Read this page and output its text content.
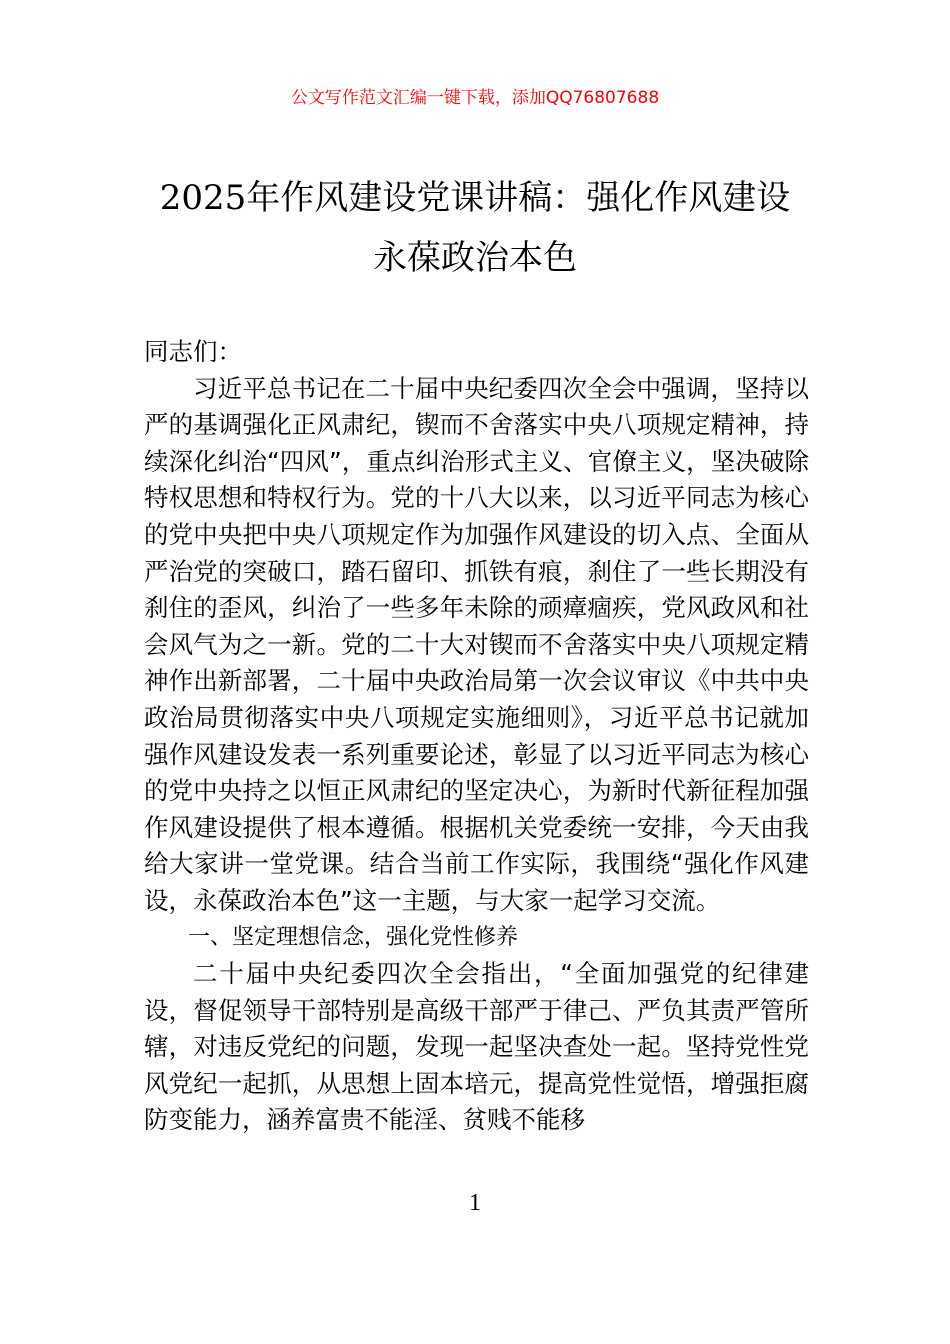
公文写作范文汇编一键下载，添加QQ76807688
2025年作风建设党课讲稿：强化作风建设
永葆政治本色

同志们：

习近平总书记在二十届中央纪委四次全会中强调，坚持以严的基调强化正风肃纪，锲而不舍落实中央八项规定精神，持续深化纠治“四风”，重点纠治形式主义、官僚主义，坚决破除特权思想和特权行为。党的十八大以来，以习近平同志为核心的党中央把中央八项规定作为加强作风建设的切入点、全面从严治党的突破口，踏石留印、抓铁有痕，刹住了一些长期没有刹住的歪风，纠治了一些多年未除的顽瘴痼疾，党风政风和社会风气为之一新。党的二十大对锲而不舍落实中央八项规定精神作出新部署，二十届中央政治局第一次会议审议《中共中央政治局贯彻落实中央八项规定实施细则》，习近平总书记就加强作风建设发表一系列重要论述，彰显了以习近平同志为核心的党中央持之以恒正风肃纪的坚定决心，为新时代新征程加强作风建设提供了根本遵循。根据机关党委统一安排，今天由我给大家讲一堂党课。结合当前工作实际，我围绕“强化作风建设，永葆政治本色”这一主题，与大家一起学习交流。

一、坚定理想信念，强化党性修养

二十届中央纪委四次全会指出，“全面加强党的纪律建设，督促领导干部特别是高级干部严于律己、严负其责严管所辖，对违反党纪的问题，发现一起坚决查处一起。坚持党性党风党纪一起抓，从思想上固本培元，提高党性觉悟，增强拒腐防变能力，涵养富贵不能淫、贫贱不能移

1
